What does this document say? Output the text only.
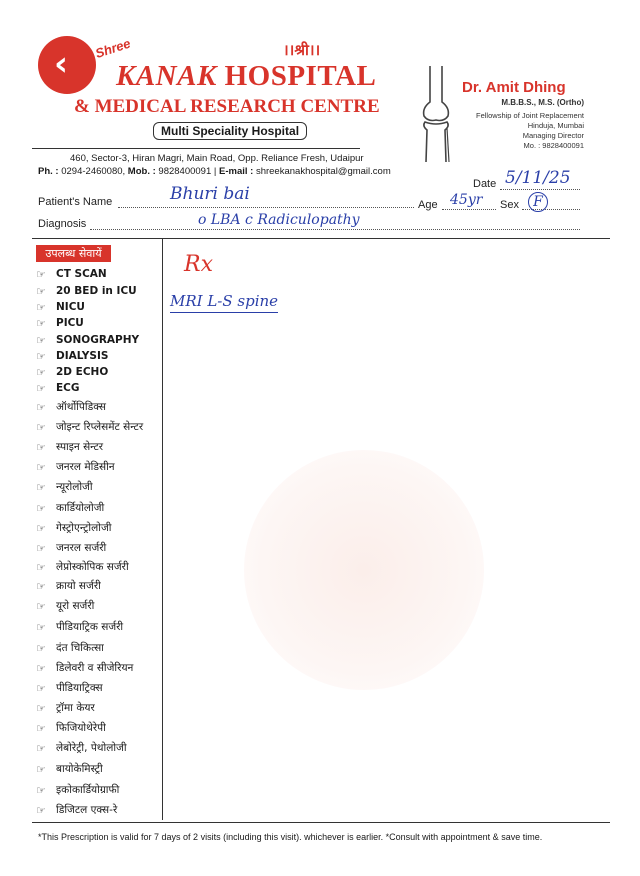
‹ Shree	।।श्री।।
KANAK HOSPITAL
& MEDICAL RESEARCH CENTRE
Multi Speciality Hospital
460, Sector-3, Hiran Magri, Main Road, Opp. Reliance Fresh, Udaipur
Ph. : 0294-2460080, Mob. : 9828400091 | E-mail : shreekanakhospital@gmail.com
Dr. Amit Dhing
M.B.B.S., M.S. (Ortho)
Fellowship of Joint Replacement
Hinduja, Mumbai
Managing Director
Mo. : 9828400091
Date 5/11/25
Patient's Name	Bhuri bai
Age 45yr Sex	F
Diagnosis	o LBA c Radiculopathy
उपलब्ध सेवायें
☞ CT SCAN
☞ 20 BED in ICU
☞ NICU
☞ PICU
☞ SONOGRAPHY
☞ DIALYSIS
☞ 2D ECHO
☞ ECG
☞ ऑर्थोपिडिक्स
☞ जोइन्ट रिप्लेसमेंट सेन्टर
☞ स्पाइन सेन्टर
☞ जनरल मेडिसीन
☞ न्यूरोलोजी
☞ कार्डियोलोजी
☞ गेस्ट्रोएन्ट्रोलोजी
☞ जनरल सर्जरी
☞ लेप्रोस्कोपिक सर्जरी
☞ क्रायो सर्जरी
☞ यूरो सर्जरी
☞ पीडियाट्रिक सर्जरी
☞ दंत चिकित्सा
☞ डिलेवरी व सीजेरियन
☞ पीडियाट्रिक्स
☞ ट्रॉमा केयर
☞ फिजियोथेरेपी
☞ लेबोरेट्री, पेथोलोजी
☞ बायोकेमिस्ट्री
☞ इकोकार्डियोग्राफी
☞ डिजिटल एक्स-रे
Rx
MRI L-S spine
*This Prescription is valid for 7 days of 2 visits (including this visit). whichever is earlier. *Consult with appointment & save time.
